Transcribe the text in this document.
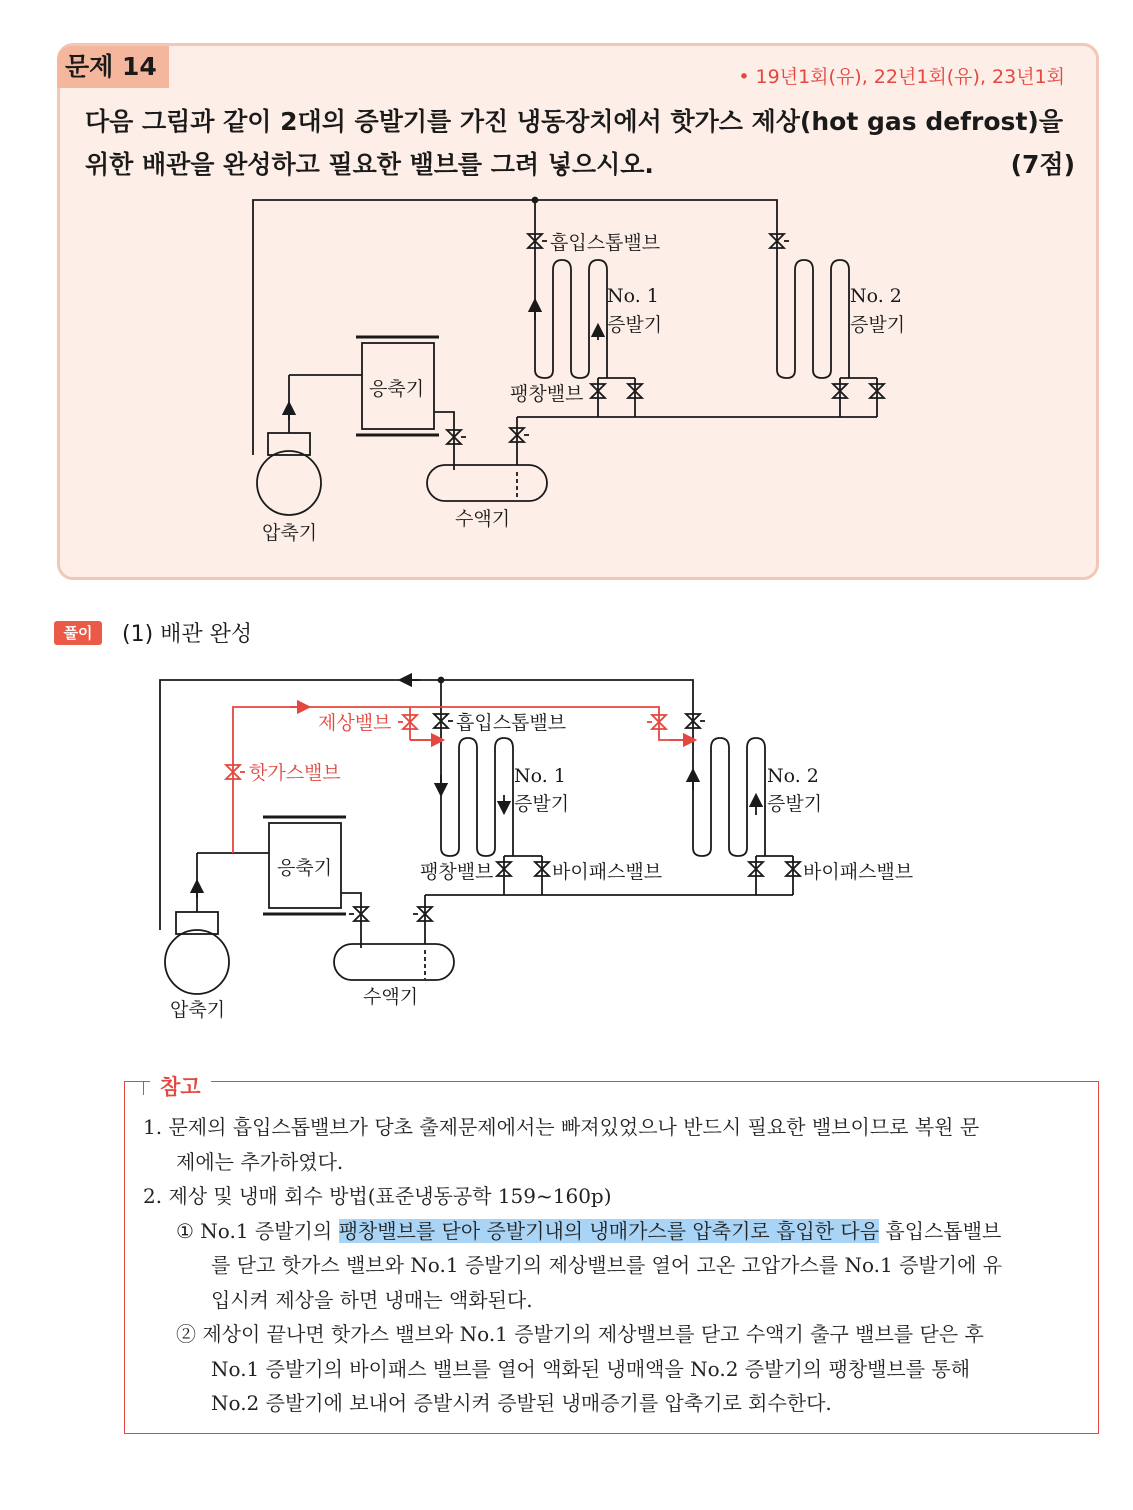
문제 14	• 19년1회(유), 22년1회(유), 23년1회
다음 그림과 같이 2대의 증발기를 가진 냉동장치에서 핫가스 제상(hot gas defrost)을
위한 배관을 완성하고 필요한 밸브를 그려 넣으시오.	(7점)
흡입스톱밸브
No. 1
증발기
No. 2
증발기
응축기	팽창밸브
압축기
수액기
제상밸브	흡입스톱밸브
핫가스밸브	No. 1
증발기
No. 2
증발기
응축기	팽창밸브	바이패스밸브	바이패스밸브
압축기
수액기
풀이	(1) 배관 완성
참고

1. 문제의 흡입스톱밸브가 당초 출제문제에서는 빠져있었으나 반드시 필요한 밸브이므로 복원 문

제에는 추가하였다.

2. 제상 및 냉매 회수 방법(표준냉동공학 159~160p)

① No.1 증발기의 팽창밸브를 닫아 증발기내의 냉매가스를 압축기로 흡입한 다음 흡입스톱밸브

를 닫고 핫가스 밸브와 No.1 증발기의 제상밸브를 열어 고온 고압가스를 No.1 증발기에 유

입시켜 제상을 하면 냉매는 액화된다.

② 제상이 끝나면 핫가스 밸브와 No.1 증발기의 제상밸브를 닫고 수액기 출구 밸브를 닫은 후

No.1 증발기의 바이패스 밸브를 열어 액화된 냉매액을 No.2 증발기의 팽창밸브를 통해

No.2 증발기에 보내어 증발시켜 증발된 냉매증기를 압축기로 회수한다.
